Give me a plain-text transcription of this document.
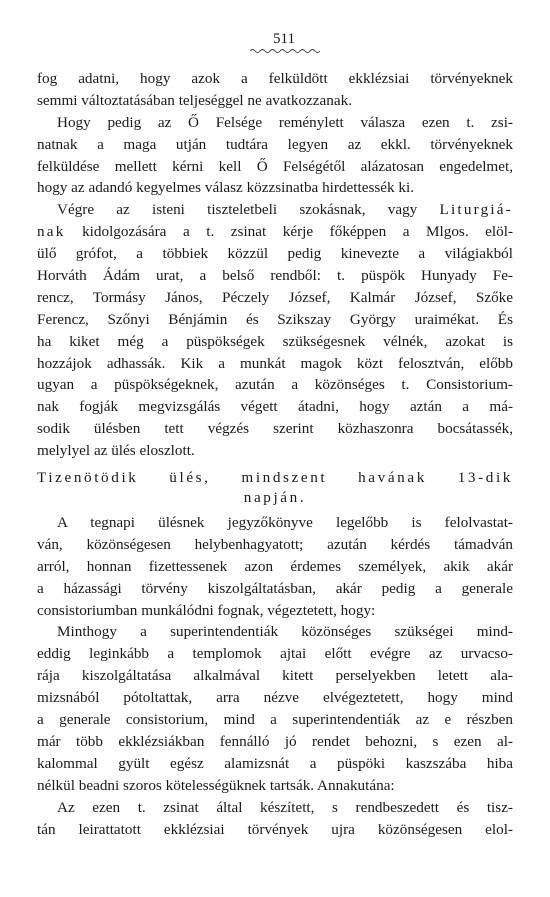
511
fog adatni, hogy azok a felküldött ekklézsiai törvényeknek
semmi változtatásában teljeséggel ne avatkozzanak.
Hogy pedig az Ő Felsége reménylett válasza ezen t. zsi-
natnak a maga utján tudtára legyen az ekkl. törvényeknek
felküldése mellett kérni kell Ő Felségétől alázatosan engedelmet,
hogy az adandó kegyelmes válasz közzsinatba hirdettessék ki.
Végre az isteni tiszteletbeli szokásnak, vagy Liturgiá-
nak kidolgozására a t. zsinat kérje főképpen a Mlgos. elöl-
ülő grófot, a többiek közzül pedig kinevezte a világiakból
Horváth Ádám urat, a belső rendből: t. püspök Hunyady Fe-
rencz, Tormásy János, Péczely József, Kalmár József, Szőke
Ferencz, Szőnyi Bénjámin és Szikszay György uraimékat. És
ha kiket még a püspökségek szükségesnek vélnék, azokat is
hozzájok adhassák. Kik a munkát magok közt felosztván, előbb
ugyan a püspökségeknek, azután a közönséges t. Consistorium-
nak fogják megvizsgálás végett átadni, hogy aztán a má-
sodik ülésben tett végzés szerint közhaszonra bocsátassék,
melylyel az ülés eloszlott.
Tizenötödik ülés, mindszent havának 13-dik
napján.
A tegnapi ülésnek jegyzőkönyve legelőbb is felolvastat-
ván, közönségesen helybenhagyatott; azután kérdés támadván
arról, honnan fizettessenek azon érdemes személyek, akik akár
a házassági törvény kiszolgáltatásban, akár pedig a generale
consistoriumban munkálódni fognak, végeztetett, hogy:
Minthogy a superintendentiák közönséges szükségei mind-
eddig leginkább a templomok ajtai előtt evégre az urvacso-
rája kiszolgáltatása alkalmával kitett perselyekben letett ala-
mizsnából pótoltattak, arra nézve elvégeztetett, hogy mind
a generale consistorium, mind a superintendentiák az e részben
már több ekklézsiákban fennálló jó rendet behozni, s ezen al-
kalommal gyült egész alamizsnát a püspöki kaszszába hiba
nélkül beadni szoros kötelességüknek tartsák. Annakutána:
Az ezen t. zsinat által készített, s rendbeszedett és tisz-
tán leirattatott ekklézsiai törvények ujra közönségesen elol-
